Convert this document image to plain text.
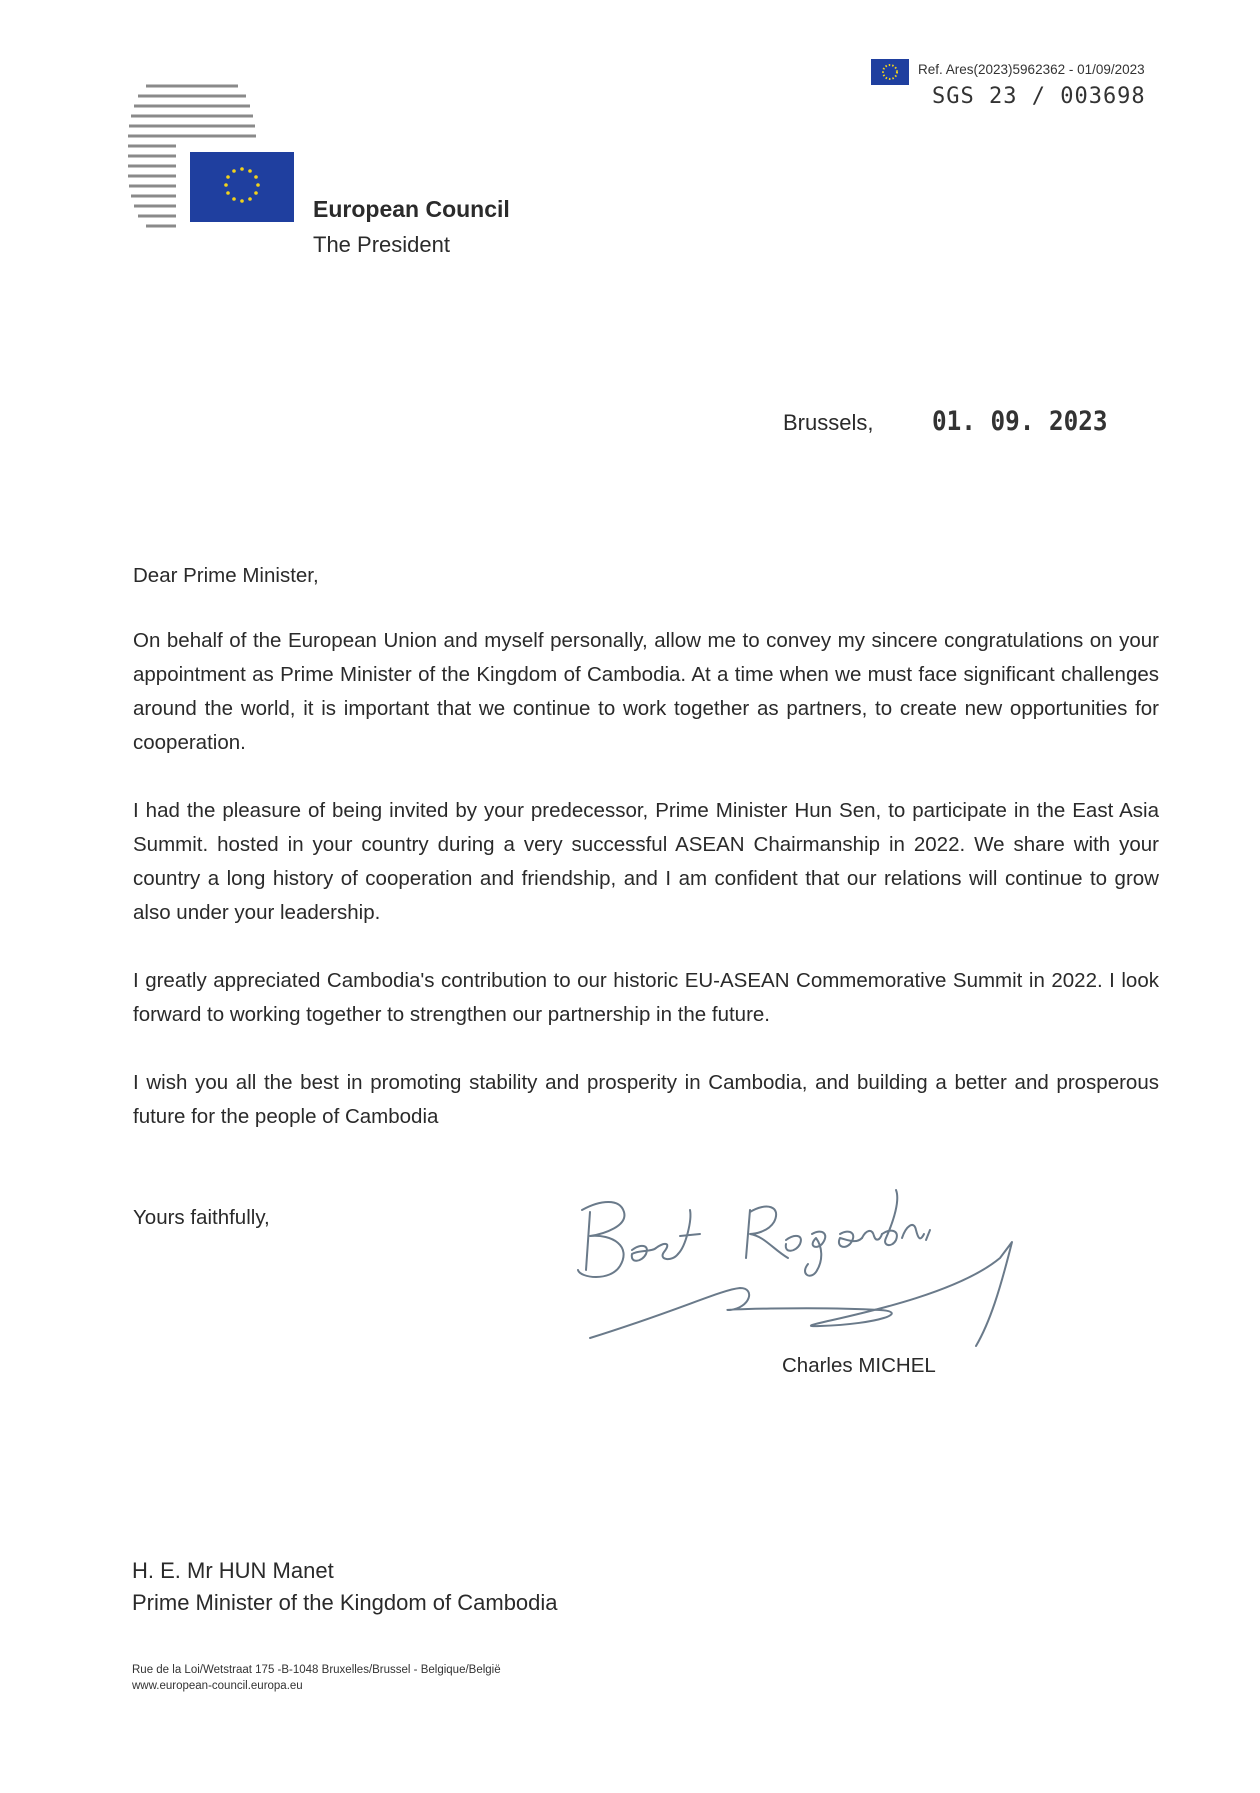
European Council
The President
Ref. Ares(2023)5962362 - 01/09/2023
SGS 23 / 003698
Brussels, 01. 09. 2023
Dear Prime Minister,
On behalf of the European Union and myself personally, allow me to convey my sincere congratulations on your appointment as Prime Minister of the Kingdom of Cambodia. At a time when we must face significant challenges around the world, it is important that we continue to work together as partners, to create new opportunities for cooperation.
I had the pleasure of being invited by your predecessor, Prime Minister Hun Sen, to participate in the East Asia Summit. hosted in your country during a very successful ASEAN Chairmanship in 2022. We share with your country a long history of cooperation and friendship, and I am confident that our relations will continue to grow also under your leadership.
I greatly appreciated Cambodia's contribution to our historic EU-ASEAN Commemorative Summit in 2022. I look forward to working together to strengthen our partnership in the future.
I wish you all the best in promoting stability and prosperity in Cambodia, and building a better and prosperous future for the people of Cambodia
Yours faithfully,
Charles MICHEL
H. E. Mr HUN Manet
Prime Minister of the Kingdom of Cambodia
Rue de la Loi/Wetstraat 175 -B-1048 Bruxelles/Brussel - Belgique/België
www.european-council.europa.eu
